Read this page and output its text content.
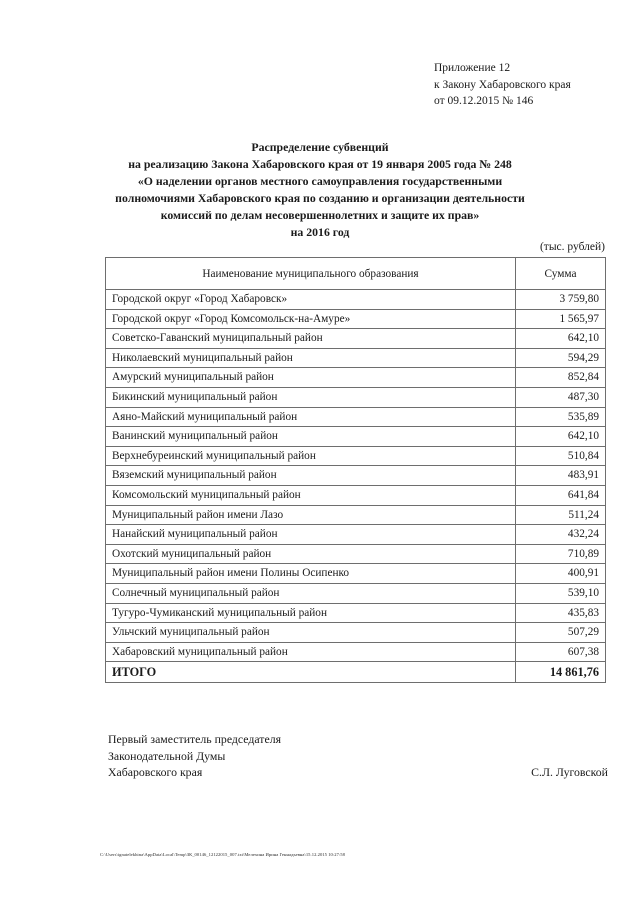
Приложение 12
к Закону Хабаровского края
от 09.12.2015 № 146
Распределение субвенций
на реализацию Закона Хабаровского края от 19 января 2005 года № 248
«О наделении органов местного самоуправления государственными
полномочиями Хабаровского края по созданию и организации деятельности
комиссий по делам несовершеннолетних и защите их прав»
на 2016 год
(тыс. рублей)
Наименование муниципального образования	Сумма
Городской округ «Город Хабаровск»	3 759,80
Городской округ «Город Комсомольск-на-Амуре»	1 565,97
Советско-Гаванский муниципальный район	642,10
Николаевский муниципальный район	594,29
Амурский муниципальный район	852,84
Бикинский муниципальный район	487,30
Аяно-Майский муниципальный район	535,89
Ванинский муниципальный район	642,10
Верхнебуреинский муниципальный район	510,84
Вяземский муниципальный район	483,91
Комсомольский муниципальный район	641,84
Муниципальный район имени Лазо	511,24
Нанайский муниципальный район	432,24
Охотский муниципальный район	710,89
Муниципальный район имени Полины Осипенко	400,91
Солнечный муниципальный район	539,10
Тугуро-Чумиканский муниципальный район	435,83
Ульчский муниципальный район	507,29
Хабаровский муниципальный район	607,38
ИТОГО	14 861,76
Первый заместитель председателя
Законодательной Думы
Хабаровского края	С.Л. Луговской
C:\Users\ignatelekhina\AppData\Local\Temp\ЗК_00146_12122015_007.txt\Мелехина Ирина Геннадьевна\15.12.2015 10:27:58
